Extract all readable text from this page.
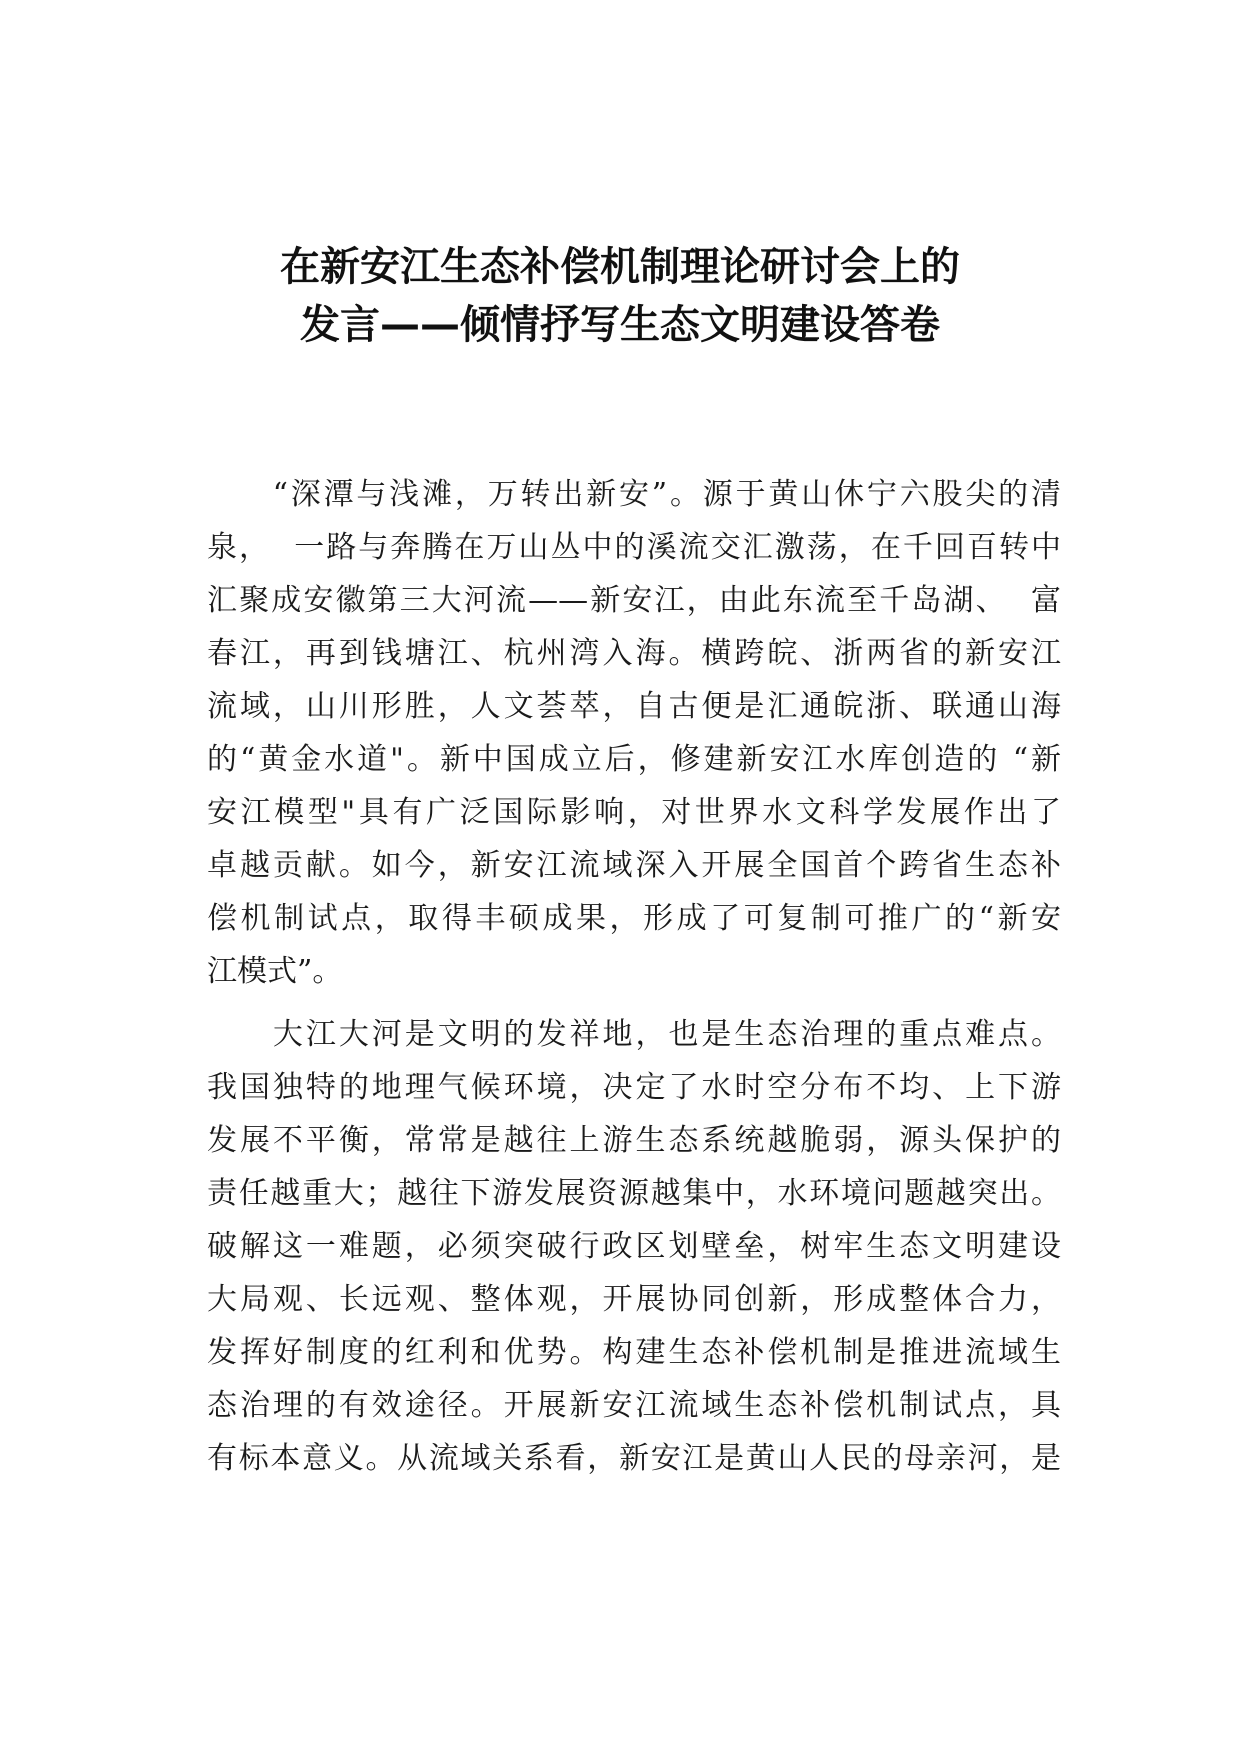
在新安江生态补偿机制理论研讨会上的
发言——倾情抒写生态文明建设答卷

　　“深潭与浅滩，万转出新安”。源于黄山休宁六股尖的清
泉，  一路与奔腾在万山丛中的溪流交汇激荡，在千回百转中
汇聚成安徽第三大河流——新安江，由此东流至千岛湖、  富
春江，再到钱塘江、杭州湾入海。横跨皖、浙两省的新安江
流域，山川形胜，人文荟萃，自古便是汇通皖浙、联通山海
的“黄金水道"。新中国成立后，修建新安江水库创造的 “新
安江模型"具有广泛国际影响，对世界水文科学发展作出了
卓越贡献。如今，新安江流域深入开展全国首个跨省生态补
偿机制试点，取得丰硕成果，形成了可复制可推广的“新安
江模式”。

　　大江大河是文明的发祥地，也是生态治理的重点难点。
我国独特的地理气候环境，决定了水时空分布不均、上下游
发展不平衡，常常是越往上游生态系统越脆弱，源头保护的
责任越重大；越往下游发展资源越集中，水环境问题越突出。
破解这一难题，必须突破行政区划壁垒，树牢生态文明建设
大局观、长远观、整体观，开展协同创新，形成整体合力，
发挥好制度的红利和优势。构建生态补偿机制是推进流域生
态治理的有效途径。开展新安江流域生态补偿机制试点，具
有标本意义。从流域关系看，新安江是黄山人民的母亲河，是
